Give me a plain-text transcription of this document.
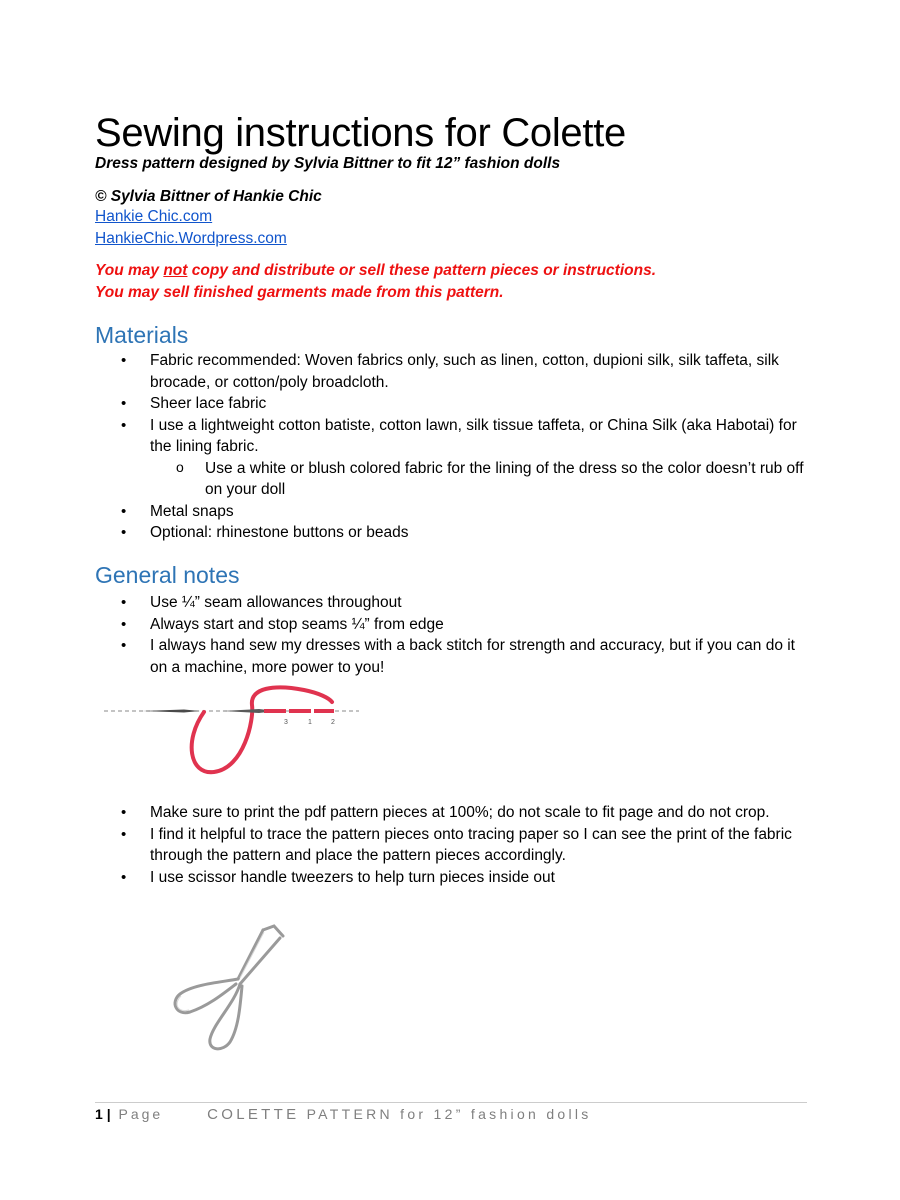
Sewing instructions for Colette

Dress pattern designed by Sylvia Bittner to fit 12” fashion dolls

© Sylvia Bittner of Hankie Chic

Hankie Chic.com
HankieChic.Wordpress.com

You may not copy and distribute or sell these pattern pieces or instructions.

You may sell finished garments made from this pattern.

Materials
• Fabric recommended: Woven fabrics only, such as linen, cotton, dupioni silk, silk taffeta, silk brocade, or cotton/poly broadcloth.
• Sheer lace fabric
• I use a lightweight cotton batiste, cotton lawn, silk tissue taffeta, or China Silk (aka Habotai) for the lining fabric.
o Use a white or blush colored fabric for the lining of the dress so the color doesn’t rub off on your doll
• Metal snaps
• Optional: rhinestone buttons or beads
General notes
• Use ¼” seam allowances throughout
• Always start and stop seams ¼” from edge
• I always hand sew my dresses with a back stitch for strength and accuracy, but if you can do it on a machine, more power to you!
3	1	2
• Make sure to print the pdf pattern pieces at 100%; do not scale to fit page and do not crop.
• I find it helpful to trace the pattern pieces onto tracing paper so I can see the print of the fabric through the pattern and place the pattern pieces accordingly.
• I use scissor handle tweezers to help turn pieces inside out
1 | Page	COLETTE PATTERN for 12” fashion dolls
